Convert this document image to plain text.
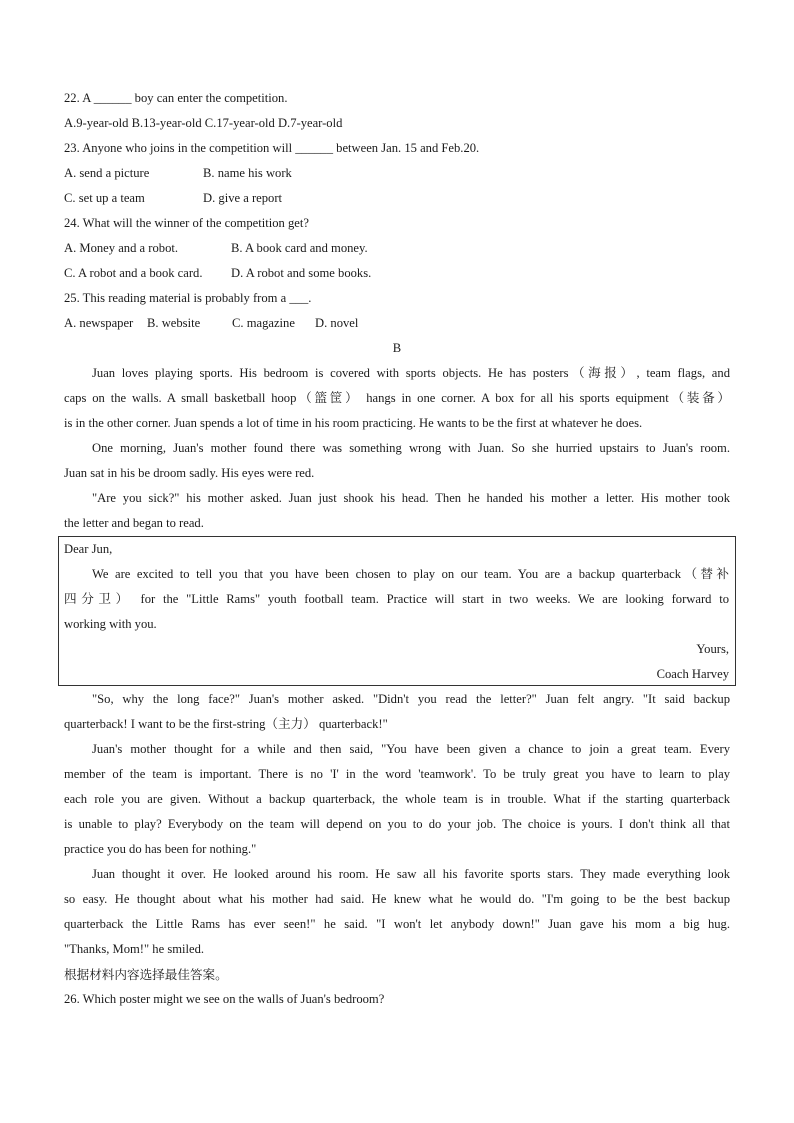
22. A ______ boy can enter the competition.
A.9-year-old B.13-year-old C.17-year-old D.7-year-old
23. Anyone who joins in the competition will ______ between Jan. 15 and Feb.20.
A. send a picture	B. name his work
C. set up a team	D. give a report
24. What will the winner of the competition get?
A. Money and a robot.	B. A book card and money.
C. A robot and a book card. D. A robot and some books.
25. This reading material is probably from a ___.
A. newspaper B. website	C. magazine D. novel
B

Juan loves playing sports. His bedroom is covered with sports objects. He has posters（海报）, team flags, and

caps on the walls. A small basketball hoop（篮筐） hangs in one corner. A box for all his sports equipment（装备）

is in the other corner. Juan spends a lot of time in his room practicing. He wants to be the first at whatever he does.

One morning, Juan's mother found there was something wrong with Juan. So she hurried upstairs to Juan's room.

Juan sat in his be droom sadly. His eyes were red.

"Are you sick?" his mother asked. Juan just shook his head. Then he handed his mother a letter. His mother took

the letter and began to read.

Dear Jun,

We are excited to tell you that you have been chosen to play on our team. You are a backup quarterback（替补

四分卫） for the "Little Rams" youth football team. Practice will start in two weeks. We are looking forward to

working with you.

Yours,

Coach Harvey

"So, why the long face?" Juan's mother asked. "Didn't you read the letter?" Juan felt angry. "It said backup

quarterback! I want to be the first-string（主力） quarterback!"

Juan's mother thought for a while and then said, "You have been given a chance to join a great team. Every

member of the team is important. There is no 'I' in the word 'teamwork'. To be truly great you have to learn to play

each role you are given. Without a backup quarterback, the whole team is in trouble. What if the starting quarterback

is unable to play? Everybody on the team will depend on you to do your job. The choice is yours. I don't think all that

practice you do has been for nothing."

Juan thought it over. He looked around his room. He saw all his favorite sports stars. They made everything look

so easy. He thought about what his mother had said. He knew what he would do. "I'm going to be the best backup

quarterback the Little Rams has ever seen!" he said. "I won't let anybody down!" Juan gave his mom a big hug.

"Thanks, Mom!" he smiled.

根据材料内容选择最佳答案。
26. Which poster might we see on the walls of Juan's bedroom?
